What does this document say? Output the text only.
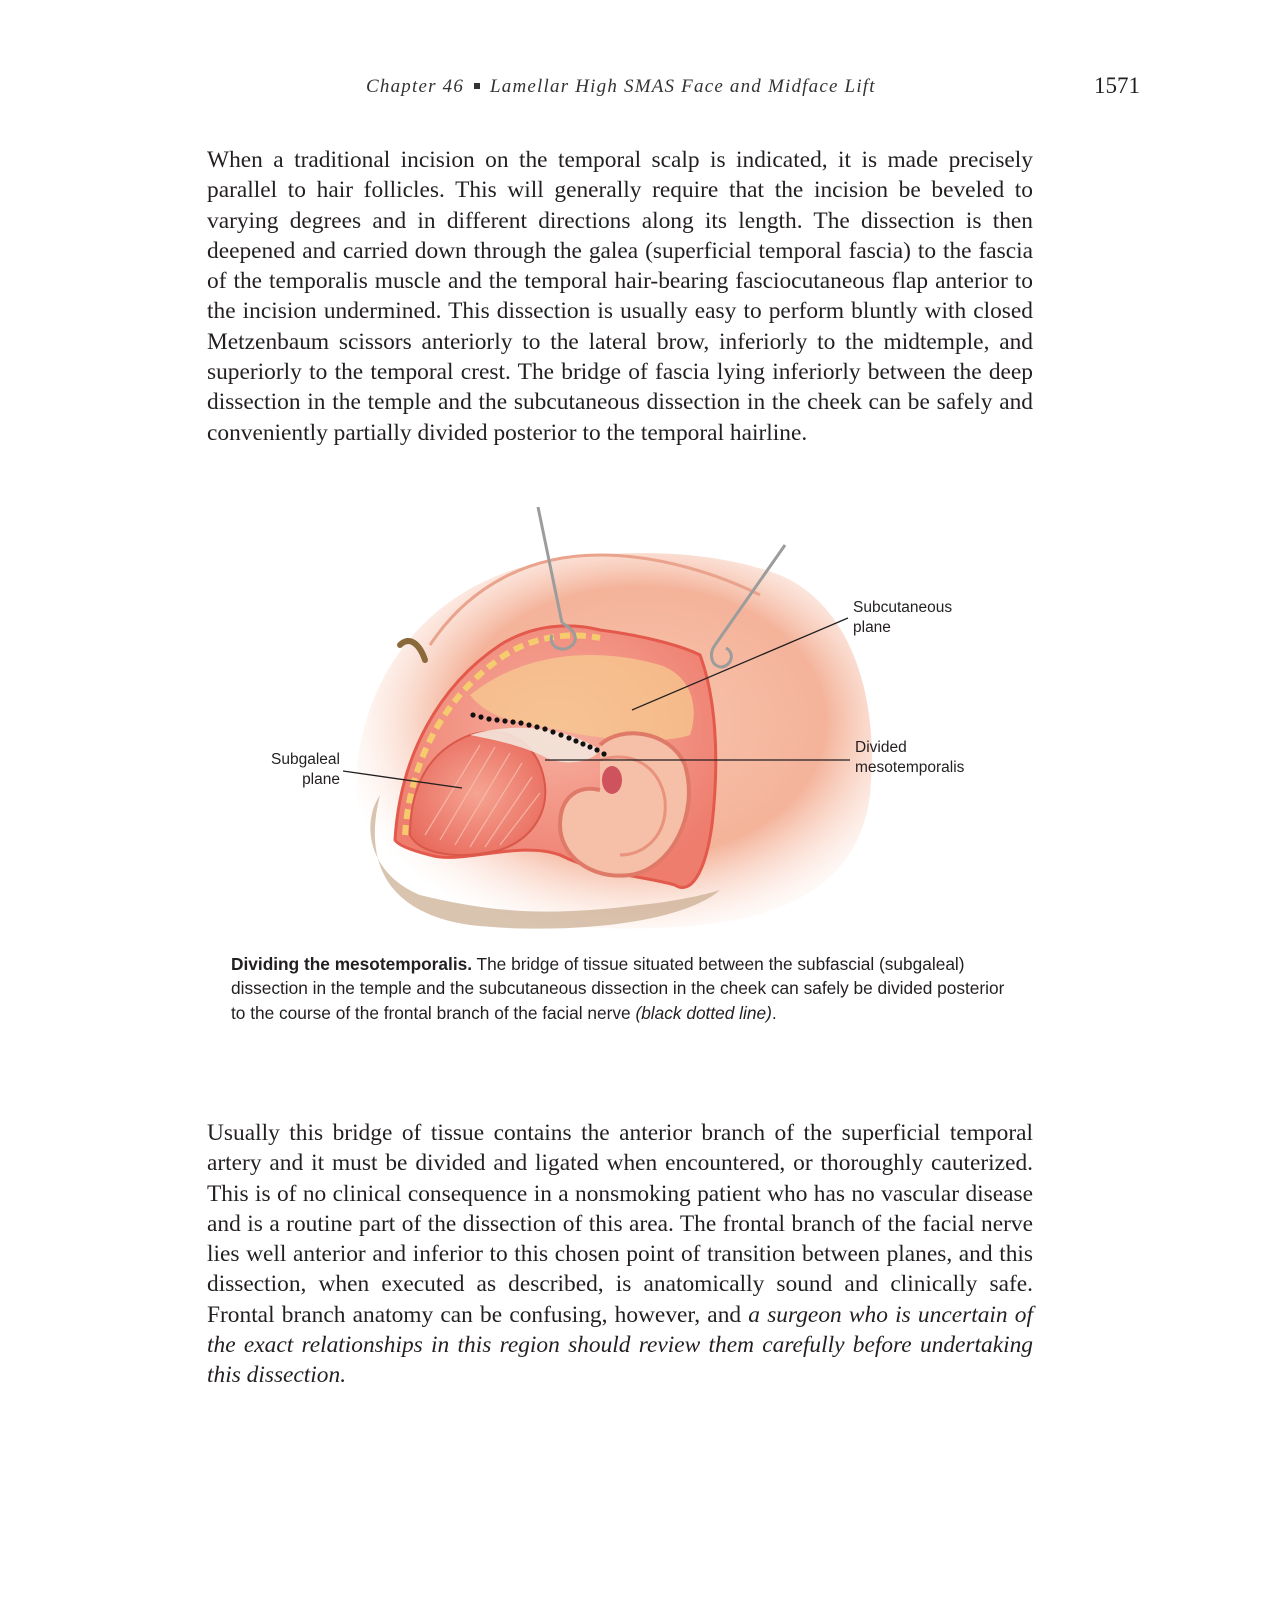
Chapter 46 Lamellar High SMAS Face and Midface Lift	1571

When a traditional incision on the temporal scalp is indicated, it is made precisely parallel to hair follicles. This will generally require that the incision be beveled to varying degrees and in different directions along its length. The dissection is then deepened and carried down through the galea (superficial temporal fascia) to the fascia of the temporalis muscle and the temporal hair-bearing fasciocutaneous flap anterior to the incision undermined. This dissection is usually easy to perform bluntly with closed Metzenbaum scissors anteriorly to the lateral brow, inferiorly to the midtemple, and superiorly to the temporal crest. The bridge of fascia lying inferiorly between the deep dissection in the temple and the subcutaneous dissection in the cheek can be safely and conveniently partially divided posterior to the temporal hairline.

Subcutaneous
plane

Divided
mesotemporalis

Subgaleal
plane

Dividing the mesotemporalis. The bridge of tissue situated between the subfascial (subgaleal) dissection in the temple and the subcutaneous dissection in the cheek can safely be divided posterior to the course of the frontal branch of the facial nerve (black dotted line).

Usually this bridge of tissue contains the anterior branch of the superficial temporal artery and it must be divided and ligated when encountered, or thoroughly cauterized. This is of no clinical consequence in a nonsmoking patient who has no vascular disease and is a routine part of the dissection of this area. The frontal branch of the facial nerve lies well anterior and inferior to this chosen point of transition between planes, and this dissection, when executed as described, is anatomically sound and clinically safe. Frontal branch anatomy can be confusing, however, and a surgeon who is uncertain of the exact relationships in this region should review them carefully before undertaking this dissection.
